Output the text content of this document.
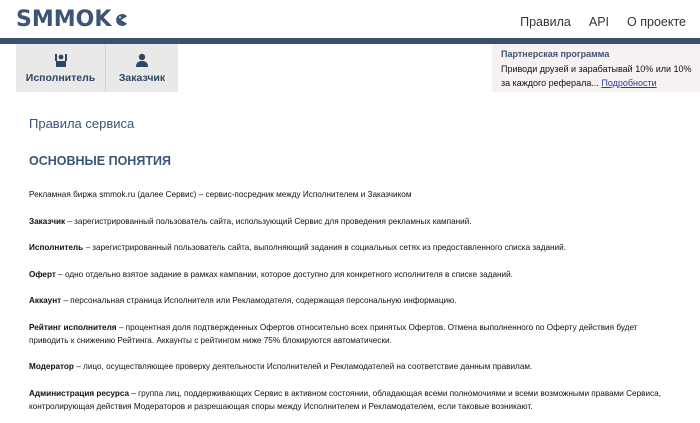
SMMOK	Правила API О проекте
Исполнитель Заказчик
Партнерская программа
Приводи друзей и зарабатывай 10% или 10% за каждого реферала... Подробности
Правила сервиса
ОСНОВНЫЕ ПОНЯТИЯ

Рекламная биржа smmok.ru (далее Сервис) – сервис-посредник между Исполнителем и Заказчиком

Заказчик – зарегистрированный пользователь сайта, использующий Сервис для проведения рекламных кампаний.

Исполнитель – зарегистрированный пользователь сайта, выполняющий задания в социальных сетях из предоставленного списка заданий.

Оферт – одно отдельно взятое задание в рамках кампании, которое доступно для конкретного исполнителя в списке заданий.

Аккаунт – персональная страница Исполнителя или Рекламодателя, содержащая персональную информацию.

Рейтинг исполнителя – процентная доля подтвержденных Офертов относительно всех принятых Офертов. Отмена выполненного по Оферту действия будет приводить к снижению Рейтинга. Аккаунты с рейтингом ниже 75% блокируются автоматически.

Модератор – лицо, осуществляющее проверку деятельности Исполнителей и Рекламодателей на соответствие данным правилам.

Администрация ресурса – группа лиц, поддерживающих Сервис в активном состоянии, обладающая всеми полномочиями и всеми возможными правами Сервиса, контролирующая действия Модераторов и разрешающая споры между Исполнителем и Рекламодателем, если таковые возникают.
